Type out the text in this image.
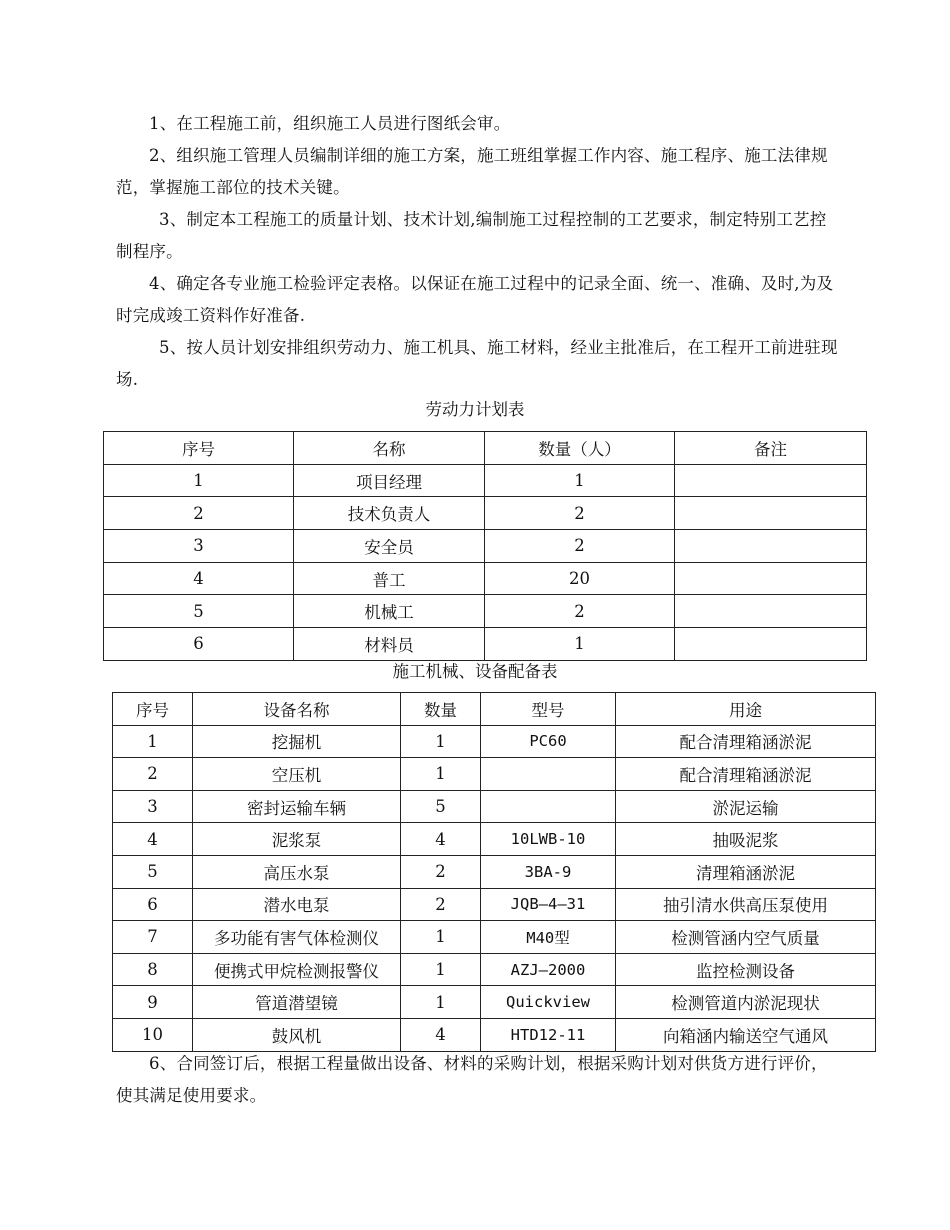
1、在工程施工前，组织施工人员进行图纸会审。

2、组织施工管理人员编制详细的施工方案，施工班组掌握工作内容、施工程序、施工法律规范，掌握施工部位的技术关键。

3、制定本工程施工的质量计划、技术计划,编制施工过程控制的工艺要求，制定特别工艺控制程序。

4、确定各专业施工检验评定表格。以保证在施工过程中的记录全面、统一、准确、及时,为及时完成竣工资料作好准备.

5、按人员计划安排组织劳动力、施工机具、施工材料，经业主批准后，在工程开工前进驻现场.

劳动力计划表

序号	名称	数量（人）	备注
1	项目经理	1	
2	技术负责人	2	
3	安全员	2	
4	普工	20	
5	机械工	2	
6	材料员	1	

施工机械、设备配备表

序号	设备名称	数量	型号	用途
1	挖掘机	1	PC60	配合清理箱涵淤泥
2	空压机	1		配合清理箱涵淤泥
3	密封运输车辆	5		淤泥运输
4	泥浆泵	4	10LWB-10	抽吸泥浆
5	高压水泵	2	3BA-9	清理箱涵淤泥
6	潜水电泵	2	JQB—4—31	抽引清水供高压泵使用
7	多功能有害气体检测仪	1	M40型	检测管涵内空气质量
8	便携式甲烷检测报警仪	1	AZJ—2000	监控检测设备
9	管道潜望镜	1	Quickview	检测管道内淤泥现状
10	鼓风机	4	HTD12-11	向箱涵内输送空气通风

6、合同签订后，根据工程量做出设备、材料的采购计划，根据采购计划对供货方进行评价，使其满足使用要求。
